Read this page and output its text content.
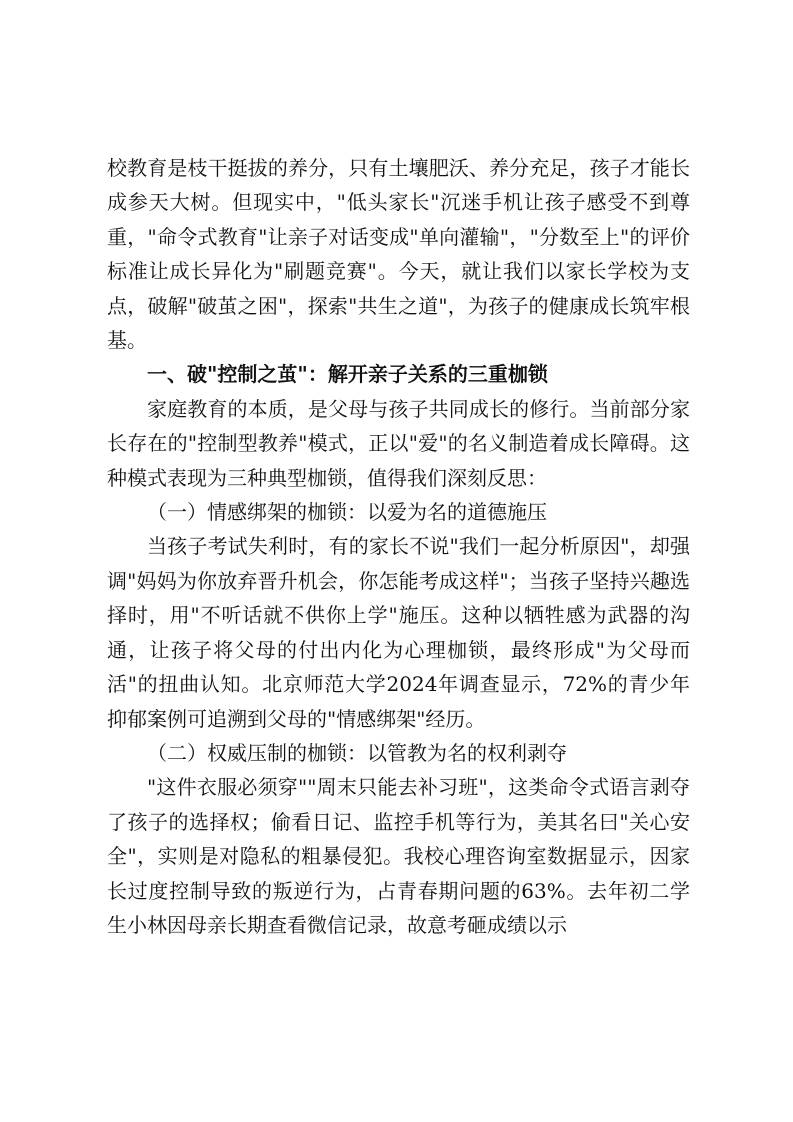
校教育是枝干挺拔的养分，只有土壤肥沃、养分充足，孩子才能长成参天大树。但现实中，"低头家长"沉迷手机让孩子感受不到尊重，"命令式教育"让亲子对话变成"单向灌输"，"分数至上"的评价标准让成长异化为"刷题竞赛"。今天，就让我们以家长学校为支点，破解"破茧之困"，探索"共生之道"，为孩子的健康成长筑牢根基。

一、破"控制之茧"：解开亲子关系的三重枷锁

家庭教育的本质，是父母与孩子共同成长的修行。当前部分家长存在的"控制型教养"模式，正以"爱"的名义制造着成长障碍。这种模式表现为三种典型枷锁，值得我们深刻反思：

（一）情感绑架的枷锁：以爱为名的道德施压

当孩子考试失利时，有的家长不说"我们一起分析原因"，却强调"妈妈为你放弃晋升机会，你怎能考成这样"；当孩子坚持兴趣选择时，用"不听话就不供你上学"施压。这种以牺牲感为武器的沟通，让孩子将父母的付出内化为心理枷锁，最终形成"为父母而活"的扭曲认知。北京师范大学2024年调查显示，72%的青少年抑郁案例可追溯到父母的"情感绑架"经历。

（二）权威压制的枷锁：以管教为名的权利剥夺

"这件衣服必须穿""周末只能去补习班"，这类命令式语言剥夺了孩子的选择权；偷看日记、监控手机等行为，美其名曰"关心安全"，实则是对隐私的粗暴侵犯。我校心理咨询室数据显示，因家长过度控制导致的叛逆行为，占青春期问题的63%。去年初二学生小林因母亲长期查看微信记录，故意考砸成绩以示
